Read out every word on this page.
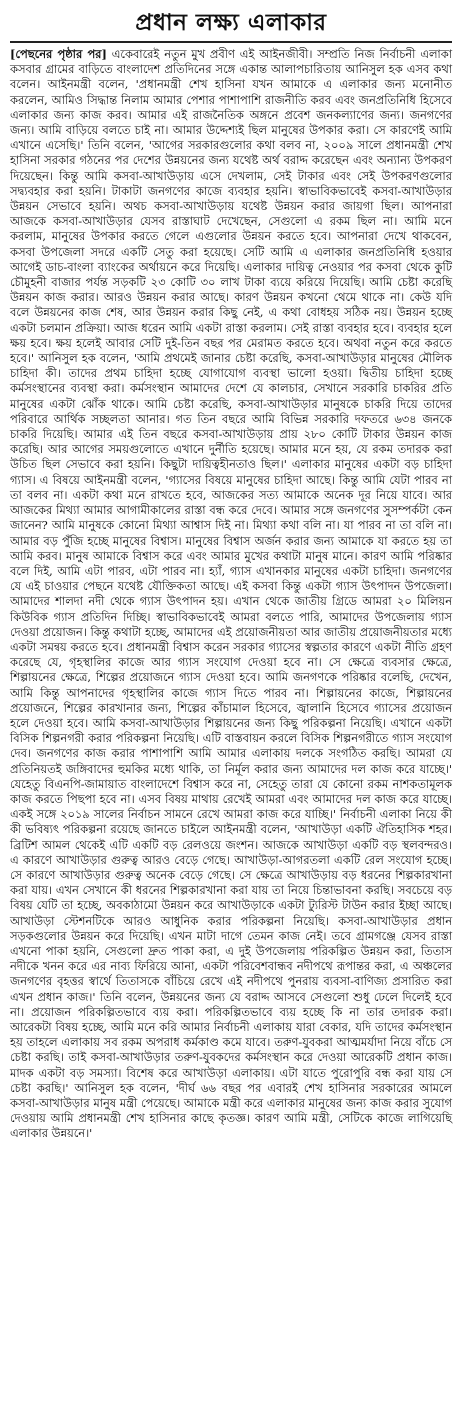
প্রধান লক্ষ্য এলাকার

[পেছনের পৃষ্ঠার পর] একেবারেই নতুন মুখ প্রবীণ এই আইনজীবী। সম্প্রতি নিজ নির্বাচনী এলাকা কসবার গ্রামের বাড়িতে বাংলাদেশ প্রতিদিনের সঙ্গে একান্ত আলাপচারিতায় আনিসুল হক এসব কথা বলেন। আইনমন্ত্রী বলেন, 'প্রধানমন্ত্রী শেখ হাসিনা যখন আমাকে এ এলাকার জন্য মনোনীত করলেন, আমিও সিদ্ধান্ত নিলাম আমার পেশার পাশাপাশি রাজনীতি করব এবং জনপ্রতিনিধি হিসেবে এলাকার জন্য কাজ করব। আমার এই রাজনৈতিক অঙ্গনে প্রবেশ জনকল্যাণের জন্য। জনগণের জন্য। আমি বাড়িয়ে বলতে চাই না। আমার উদ্দেশ্যই ছিল মানুষের উপকার করা। সে কারণেই আমি এখানে এসেছি।' তিনি বলেন, 'আগের সরকারগুলোর কথা বলব না, ২০০৯ সালে প্রধানমন্ত্রী শেখ হাসিনা সরকার গঠনের পর দেশের উন্নয়নের জন্য যথেষ্ট অর্থ বরাদ্দ করেছেন এবং অন্যান্য উপকরণ দিয়েছেন। কিন্তু আমি কসবা-আখাউড়ায় এসে দেখলাম, সেই টাকার এবং সেই উপকরণগুলোর সদ্ব্যবহার করা হয়নি। টাকাটা জনগণের কাজে ব্যবহার হয়নি। স্বাভাবিকভাবেই কসবা-আখাউড়ার উন্নয়ন সেভাবে হয়নি। অথচ কসবা-আখাউড়ায় যথেষ্ট উন্নয়ন করার জায়গা ছিল। আপনারা আজকে কসবা-আখাউড়ার যেসব রাস্তাঘাট দেখেছেন, সেগুলো এ রকম ছিল না। আমি মনে করলাম, মানুষের উপকার করতে গেলে এগুলোর উন্নয়ন করতে হবে। আপনারা দেখে থাকবেন, কসবা উপজেলা সদরে একটি সেতু করা হয়েছে। সেটি আমি এ এলাকার জনপ্রতিনিধি হওয়ার আগেই ডাচ-বাংলা ব্যাংকের অর্থায়নে করে দিয়েছি। এলাকার দায়িত্ব নেওয়ার পর কসবা থেকে কুটি চৌমুহনী বাজার পর্যন্ত সড়কটি ২৩ কোটি ৩০ লাখ টাকা ব্যয়ে করিয়ে দিয়েছি। আমি চেষ্টা করেছি উন্নয়ন কাজ করার। আরও উন্নয়ন করার আছে। কারণ উন্নয়ন কখনো থেমে থাকে না। কেউ যদি বলে উন্নয়নের কাজ শেষ, আর উন্নয়ন করার কিছু নেই, এ কথা বোধহয় সঠিক নয়। উন্নয়ন হচ্ছে একটা চলমান প্রক্রিয়া। আজ ধরেন আমি একটা রাস্তা করলাম। সেই রাস্তা ব্যবহার হবে। ব্যবহার হলে ক্ষয় হবে। ক্ষয় হলেই আবার সেটি দুই-তিন বছর পর মেরামত করতে হবে। অথবা নতুন করে করতে হবে।' আনিসুল হক বলেন, 'আমি প্রথমেই জানার চেষ্টা করেছি, কসবা-আখাউড়ার মানুষের মৌলিক চাহিদা কী। তাদের প্রথম চাহিদা হচ্ছে যোগাযোগ ব্যবস্থা ভালো হওয়া। দ্বিতীয় চাহিদা হচ্ছে কর্মসংস্থানের ব্যবস্থা করা। কর্মসংস্থান আমাদের দেশে যে কালচার, সেখানে সরকারি চাকরির প্রতি মানুষের একটা ঝোঁক থাকে। আমি চেষ্টা করেছি, কসবা-আখাউড়ার মানুষকে চাকরি দিয়ে তাদের পরিবারে আর্থিক সচ্ছলতা আনার। গত তিন বছরে আমি বিভিন্ন সরকারি দফতরে ৬৩৪ জনকে চাকরি দিয়েছি। আমার এই তিন বছরে কসবা-আখাউড়ায় প্রায় ২৮০ কোটি টাকার উন্নয়ন কাজ করেছি। আর আগের সময়গুলোতে এখানে দুর্নীতি হয়েছে। আমার মনে হয়, যে রকম তদারক করা উচিত ছিল সেভাবে করা হয়নি। কিছুটা দায়িত্বহীনতাও ছিল।' এলাকার মানুষের একটা বড় চাহিদা গ্যাস। এ বিষয়ে আইনমন্ত্রী বলেন, 'গ্যাসের বিষয়ে মানুষের চাহিদা আছে। কিন্তু আমি যেটা পারব না তা বলব না। একটা কথা মনে রাখতে হবে, আজকের সত্য আমাকে অনেক দূর নিয়ে যাবে। আর আজকের মিথ্যা আমার আগামীকালের রাস্তা বন্ধ করে দেবে। আমার সঙ্গে জনগণের সুসম্পর্কটা কেন জানেন? আমি মানুষকে কোনো মিথ্যা আশ্বাস দিই না। মিথ্যা কথা বলি না। যা পারব না তা বলি না। আমার বড় পুঁজি হচ্ছে মানুষের বিশ্বাস। মানুষের বিশ্বাস অর্জন করার জন্য আমাকে যা করতে হয় তা আমি করব। মানুষ আমাকে বিশ্বাস করে এবং আমার মুখের কথাটা মানুষ মানে। কারণ আমি পরিষ্কার বলে দিই, আমি এটা পারব, এটা পারব না। হ্যাঁ, গ্যাস এখানকার মানুষের একটা চাহিদা। জনগণের যে এই চাওয়ার পেছনে যথেষ্ট যৌক্তিকতা আছে। এই কসবা কিন্তু একটা গ্যাস উৎপাদন উপজেলা। আমাদের শালদা নদী থেকে গ্যাস উৎপাদন হয়। এখান থেকে জাতীয় গ্রিডে আমরা ২০ মিলিয়ন কিউবিক গ্যাস প্রতিদিন দিচ্ছি। স্বাভাবিকভাবেই আমরা বলতে পারি, আমাদের উপজেলায় গ্যাস দেওয়া প্রয়োজন। কিন্তু কথাটা হচ্ছে, আমাদের এই প্রয়োজনীয়তা আর জাতীয় প্রয়োজনীয়তার মধ্যে একটা সমন্বয় করতে হবে। প্রধানমন্ত্রী বিশ্বাস করেন সরকার গ্যাসের স্বল্পতার কারণে একটা নীতি গ্রহণ করেছে যে, গৃহস্থালির কাজে আর গ্যাস সংযোগ দেওয়া হবে না। সে ক্ষেত্রে ব্যবসার ক্ষেত্রে, শিল্পায়নের ক্ষেত্রে, শিল্পের প্রয়োজনে গ্যাস দেওয়া হবে। আমি জনগণকে পরিষ্কার বলেছি, দেখেন, আমি কিন্তু আপনাদের গৃহস্থালির কাজে গ্যাস দিতে পারব না। শিল্পায়নের কাজে, শিল্পায়নের প্রয়োজনে, শিল্পের কারখানার জন্য, শিল্পের কাঁচামাল হিসেবে, জ্বালানি হিসেবে গ্যাসের প্রয়োজন হলে দেওয়া হবে। আমি কসবা-আখাউড়ার শিল্পায়নের জন্য কিছু পরিকল্পনা নিয়েছি। এখানে একটা বিসিক শিল্পনগরী করার পরিকল্পনা নিয়েছি। এটি বাস্তবায়ন করলে বিসিক শিল্পনগরীতে গ্যাস সংযোগ দেব। জনগণের কাজ করার পাশাপাশি আমি আমার এলাকায় দলকে সংগঠিত করছি। আমরা যে প্রতিনিয়তই জঙ্গিবাদের হুমকির মধ্যে থাকি, তা নির্মূল করার জন্য আমাদের দল কাজ করে যাচ্ছে।' যেহেতু বিএনপি-জামায়াত বাংলাদেশে বিশ্বাস করে না, সেহেতু তারা যে কোনো রকম নাশকতামূলক কাজ করতে পিছপা হবে না। এসব বিষয় মাথায় রেখেই আমরা এবং আমাদের দল কাজ করে যাচ্ছে। একই সঙ্গে ২০১৯ সালের নির্বাচন সামনে রেখে আমরা কাজ করে যাচ্ছি।' নির্বাচনী এলাকা নিয়ে কী কী ভবিষ্যৎ পরিকল্পনা রয়েছে জানতে চাইলে আইনমন্ত্রী বলেন, 'আখাউড়া একটি ঐতিহাসিক শহর। ব্রিটিশ আমল থেকেই এটি একটি বড় রেলওয়ে জংশন। আজকে আখাউড়া একটি বড় স্থলবন্দরও। এ কারণে আখাউড়ার গুরুত্ব আরও বেড়ে গেছে। আখাউড়া-আগরতলা একটি রেল সংযোগ হচ্ছে। সে কারণে আখাউড়ার গুরুত্ব অনেক বেড়ে গেছে। সে ক্ষেত্রে আখাউড়ায় বড় ধরনের শিল্পকারখানা করা যায়। এখন সেখানে কী ধরনের শিল্পকারখানা করা যায় তা নিয়ে চিন্তাভাবনা করছি। সবচেয়ে বড় বিষয় যেটি তা হচ্ছে, অবকাঠামো উন্নয়ন করে আখাউড়াকে একটা ট্যুরিস্ট টাউন করার ইচ্ছা আছে। আখাউড়া স্টেশনটিকে আরও আধুনিক করার পরিকল্পনা নিয়েছি। কসবা-আখাউড়ার প্রধান সড়কগুলোর উন্নয়ন করে দিয়েছি। এখন মাটা দাগে তেমন কাজ নেই। তবে গ্রামগঞ্জে যেসব রাস্তা এখনো পাকা হয়নি, সেগুলো দ্রুত পাকা করা, এ দুই উপজেলায় পরিকল্পিত উন্নয়ন করা, তিতাস নদীকে খনন করে এর নাব্য ফিরিয়ে আনা, একটা পরিবেশবান্ধব নদীপথে রূপান্তর করা, এ অঞ্চলের জনগণের বৃহত্তর স্বার্থে তিতাসকে বাঁচিয়ে রেখে এই নদীপথে পুনরায় ব্যবসা-বাণিজ্য প্রসারিত করা এখন প্রধান কাজ।' তিনি বলেন, উন্নয়নের জন্য যে বরাদ্দ আসবে সেগুলো শুধু ঢেলে দিলেই হবে না। প্রয়োজন পরিকল্পিতভাবে ব্যয় করা। পরিকল্পিতভাবে ব্যয় হচ্ছে কি না তার তদারক করা। আরেকটা বিষয় হচ্ছে, আমি মনে করি আমার নির্বাচনী এলাকায় যারা বেকার, যদি তাদের কর্মসংস্থান হয় তাহলে এলাকায় সব রকম অপরাধ কর্মকাণ্ড কমে যাবে। তরুণ-যুবকরা আত্মমর্যাদা নিয়ে বাঁচে সে চেষ্টা করছি। তাই কসবা-আখাউড়ার তরুণ-যুবকদের কর্মসংস্থান করে দেওয়া আরেকটি প্রধান কাজ। মাদক একটা বড় সমস্যা। বিশেষ করে আখাউড়া এলাকায়। এটা যাতে পুরোপুরি বন্ধ করা যায় সে চেষ্টা করছি।' আনিসুল হক বলেন, 'দীর্ঘ ৬৬ বছর পর এবারই শেখ হাসিনার সরকারের আমলে কসবা-আখাউড়ার মানুষ মন্ত্রী পেয়েছে। আমাকে মন্ত্রী করে এলাকার মানুষের জন্য কাজ করার সুযোগ দেওয়ায় আমি প্রধানমন্ত্রী শেখ হাসিনার কাছে কৃতজ্ঞ। কারণ আমি মন্ত্রী, সেটিকে কাজে লাগিয়েছি এলাকার উন্নয়নে।'
